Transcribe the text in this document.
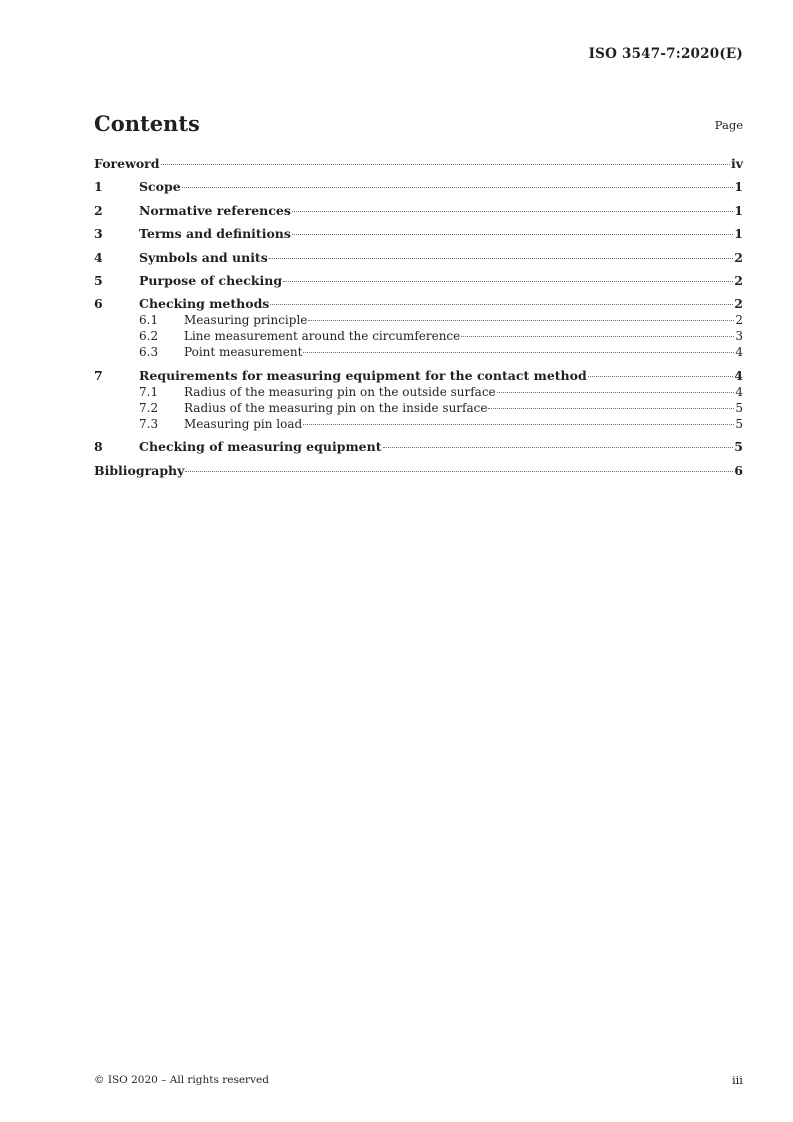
ISO 3547-7:2020(E)
Contents	Page
Foreword	iv
1	Scope	1
2	Normative references	1
3	Terms and definitions	1
4	Symbols and units	2
5	Purpose of checking	2
6	Checking methods	2
6.1	Measuring principle	2
6.2	Line measurement around the circumference	3
6.3	Point measurement	4
7	Requirements for measuring equipment for the contact method	4
7.1	Radius of the measuring pin on the outside surface	4
7.2	Radius of the measuring pin on the inside surface	5
7.3	Measuring pin load	5
8	Checking of measuring equipment	5
Bibliography	6
© ISO 2020 – All rights reserved	iii
